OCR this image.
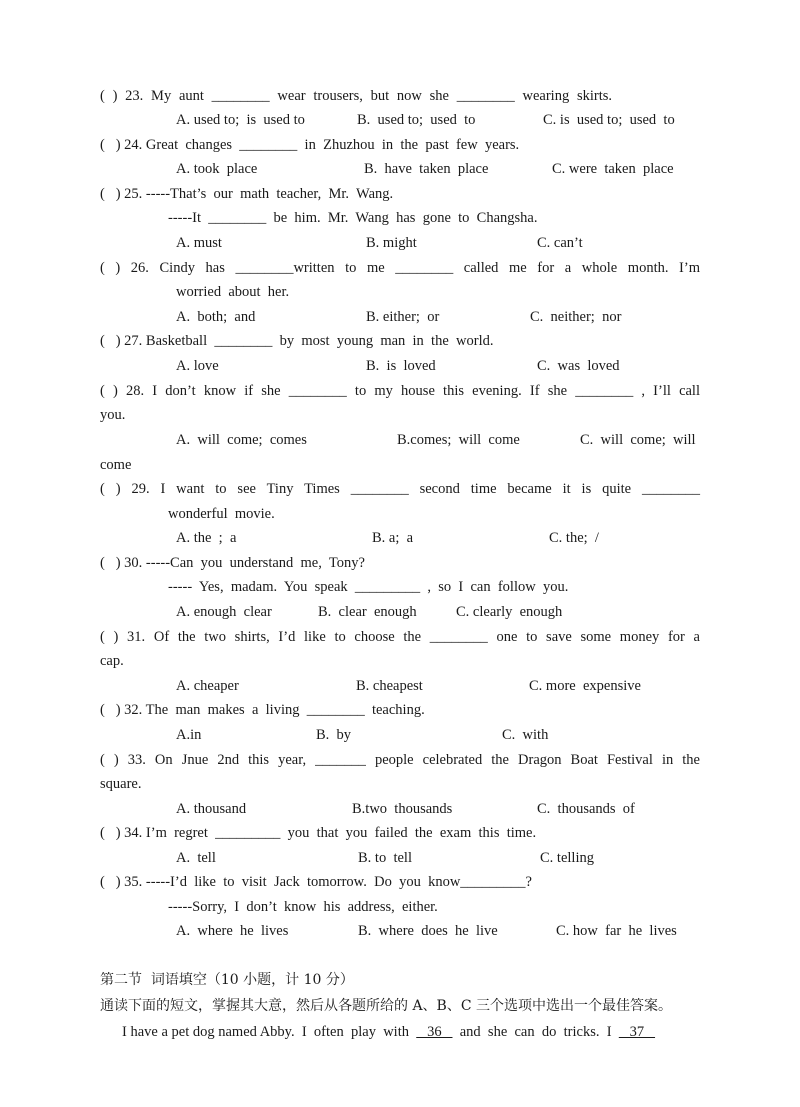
( ) 23. My aunt ________ wear trousers, but now she ________ wearing skirts.
A. used to;  is  used to	B.  used to;  used  to	C. is  used to;  used  to
(   ) 24. Great  changes  ________  in  Zhuzhou  in  the  past  few  years.
A. took  place	B.  have  taken  place	C. were  taken  place
(   ) 25. -----That’s  our  math  teacher,  Mr.  Wang.
-----It  ________  be  him.  Mr.  Wang  has  gone  to  Changsha.
A. must	B. might	C. can’t
( ) 26. Cindy has ________written to me ________ called me for a whole month. I’m
worried  about  her.
A.  both;  and	B. either;  or	C.  neither;  nor
(   ) 27. Basketball  ________  by  most  young  man  in  the  world.
A. love	B.  is  loved	C.  was  loved
( ) 28. I don’t know if she ________ to my house this evening. If she ________ , I’ll call
you.
A.  will  come;  comes	B.comes;  will  come	C.  will  come;  will
come
( ) 29. I want to see Tiny Times ________ second time became it is quite ________
wonderful  movie.
A. the  ;  a	B. a;  a	C. the;  /
(   ) 30. -----Can  you  understand  me,  Tony?
-----  Yes,  madam.  You  speak  _________  ,  so  I  can  follow  you.
A. enough  clear	B.  clear  enough	C. clearly  enough
( ) 31. Of the two shirts, I’d like to choose the ________ one to save some money for a
cap.
A. cheaper	B. cheapest	C. more  expensive
(   ) 32. The  man  makes  a  living  ________  teaching.
A.in	B.  by	C.  with
( ) 33. On Jnue 2nd this year, _______ people celebrated the Dragon Boat Festival in the
square.
A. thousand	B.two  thousands	C.  thousands  of
(   ) 34. I’m  regret  _________  you  that  you  failed  the  exam  this  time.
A.  tell	B. to  tell	C. telling
(   ) 35. -----I’d  like  to  visit  Jack  tomorrow.  Do  you  know_________?
-----Sorry,  I  don’t  know  his  address,  either.
A.  where  he  lives	B.  where  does  he  live	C. how  far  he  lives
第二节  词语填空（10 小题，计 10 分）
通读下面的短文，掌握其大意，然后从各题所给的 A、B、C 三个选项中选出一个最佳答案。
I have a pet dog named Abby.  I  often  play  with     36     and  she  can  do  tricks.  I     37
